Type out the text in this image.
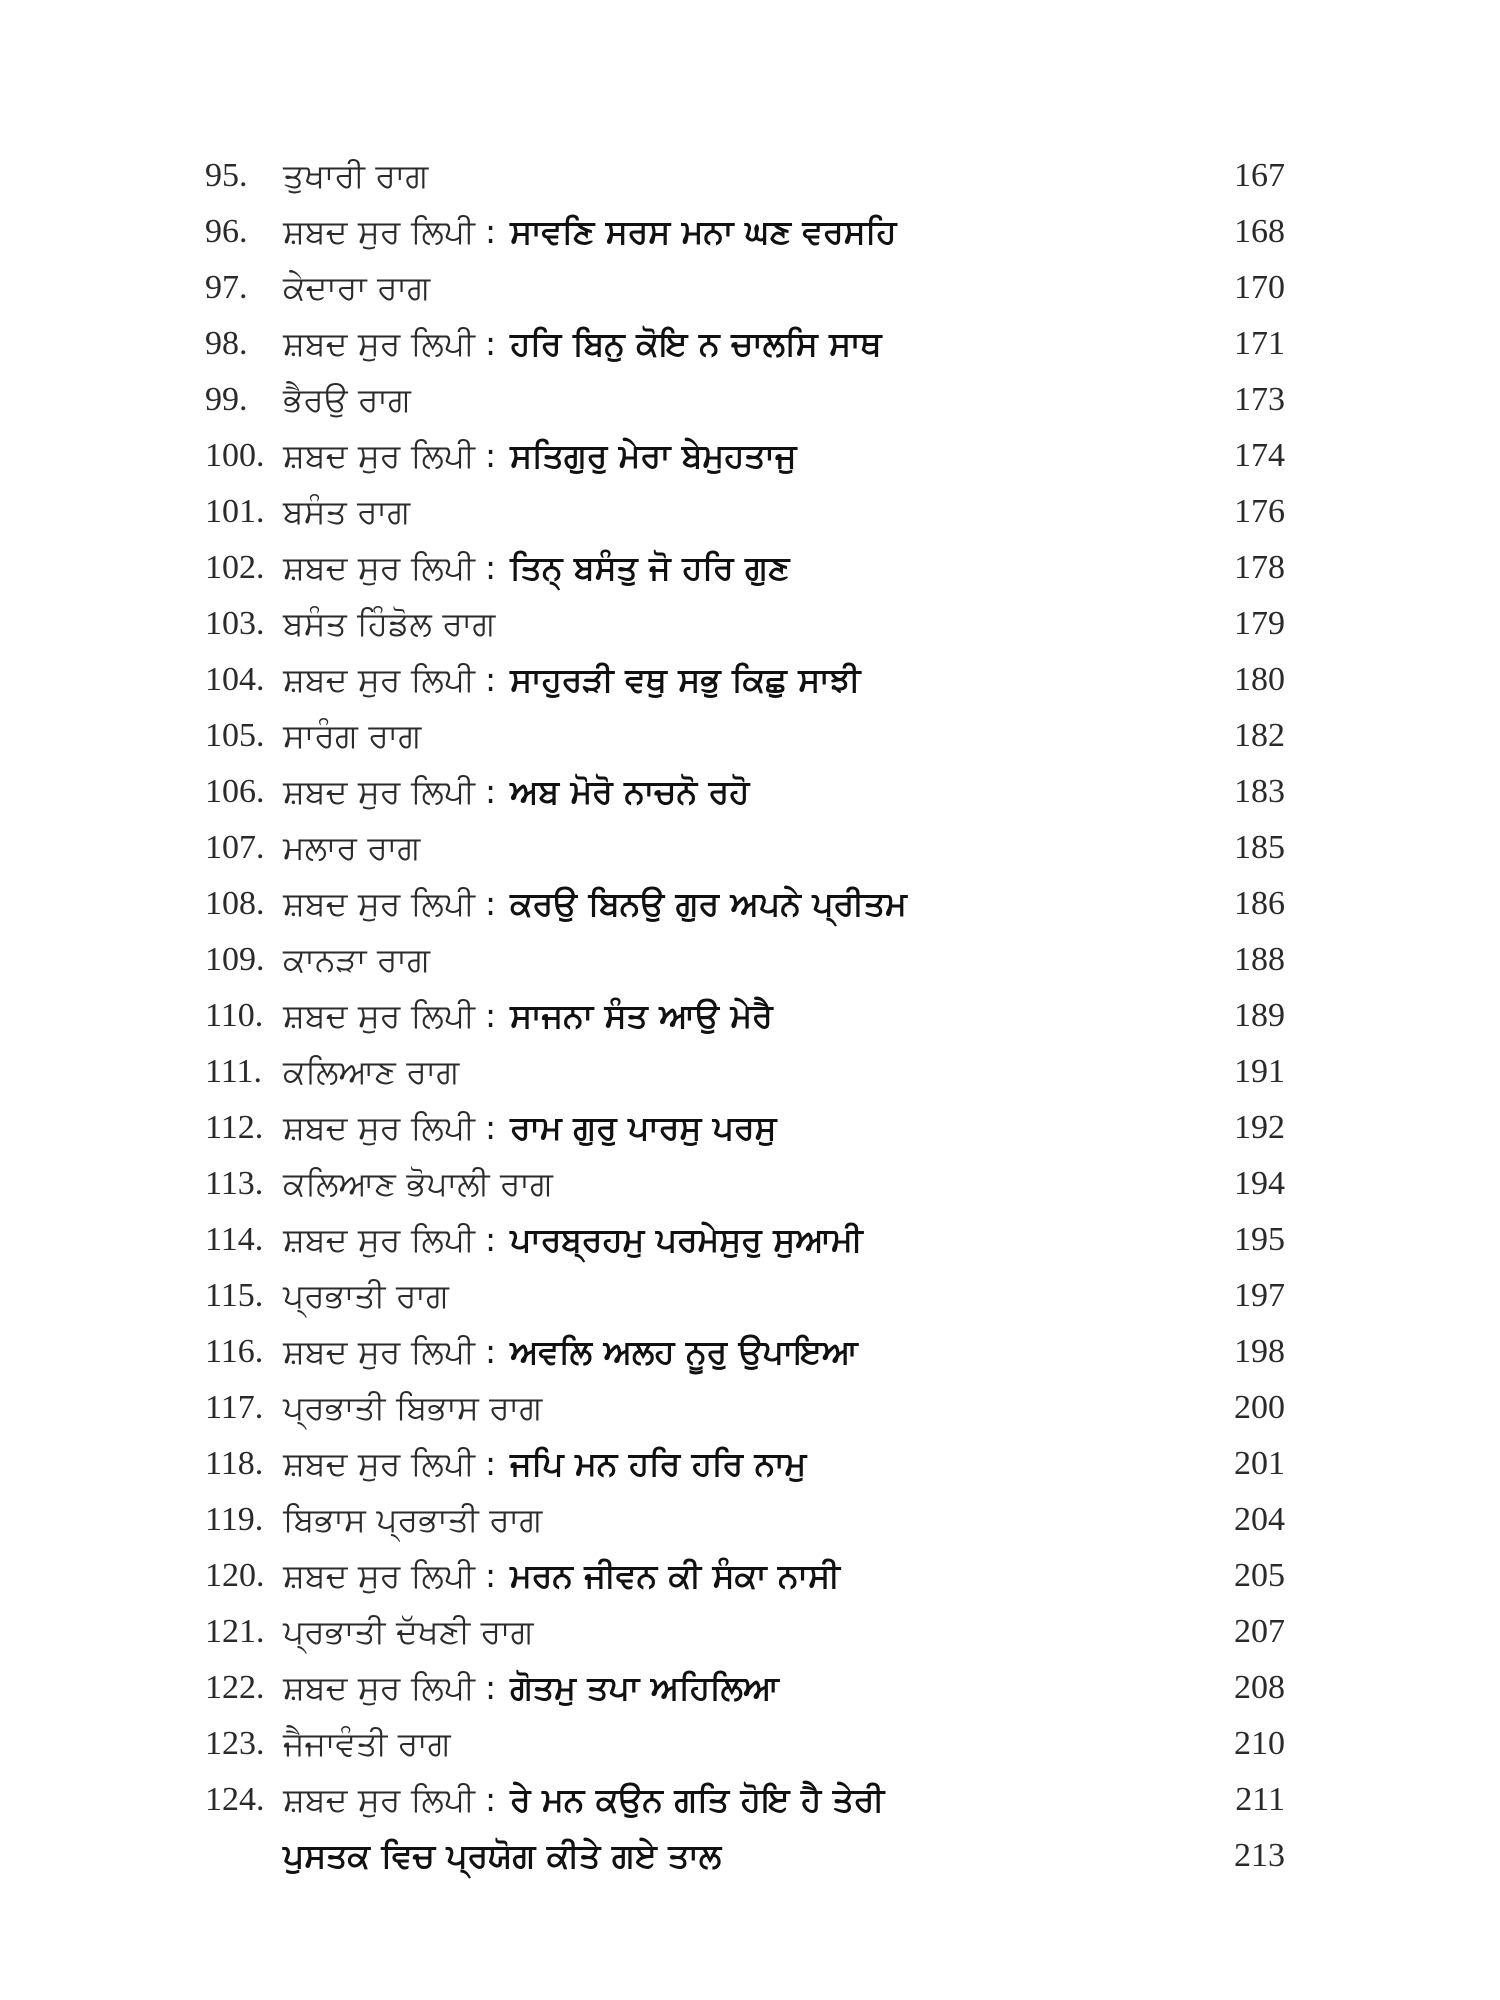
95. ਤੁਖਾਰੀ ਰਾਗ	167
96. ਸ਼ਬਦ ਸੁਰ ਲਿਪੀ : ਸਾਵਣਿ ਸਰਸ ਮਨਾ ਘਣ ਵਰਸਹਿ	168
97. ਕੇਦਾਰਾ ਰਾਗ	170
98. ਸ਼ਬਦ ਸੁਰ ਲਿਪੀ : ਹਰਿ ਬਿਨੁ ਕੋਇ ਨ ਚਾਲਸਿ ਸਾਥ	171
99. ਭੈਰਉ ਰਾਗ	173
100. ਸ਼ਬਦ ਸੁਰ ਲਿਪੀ : ਸਤਿਗੁਰੁ ਮੇਰਾ ਬੇਮੁਹਤਾਜੁ	174
101. ਬਸੰਤ ਰਾਗ	176
102. ਸ਼ਬਦ ਸੁਰ ਲਿਪੀ : ਤਿਨ੍ ਬਸੰਤੁ ਜੋ ਹਰਿ ਗੁਣ	178
103. ਬਸੰਤ ਹਿੰਡੋਲ ਰਾਗ	179
104. ਸ਼ਬਦ ਸੁਰ ਲਿਪੀ : ਸਾਹੁਰੜੀ ਵਥੁ ਸਭੁ ਕਿਛੁ ਸਾਝੀ	180
105. ਸਾਰੰਗ ਰਾਗ	182
106. ਸ਼ਬਦ ਸੁਰ ਲਿਪੀ : ਅਬ ਮੋਰੋ ਨਾਚਨੋ ਰਹੋ	183
107. ਮਲਾਰ ਰਾਗ	185
108. ਸ਼ਬਦ ਸੁਰ ਲਿਪੀ : ਕਰਉ ਬਿਨਉ ਗੁਰ ਅਪਨੇ ਪ੍ਰੀਤਮ	186
109. ਕਾਨੜਾ ਰਾਗ	188
110. ਸ਼ਬਦ ਸੁਰ ਲਿਪੀ : ਸਾਜਨਾ ਸੰਤ ਆਉ ਮੇਰੈ	189
111. ਕਲਿਆਣ ਰਾਗ	191
112. ਸ਼ਬਦ ਸੁਰ ਲਿਪੀ : ਰਾਮ ਗੁਰੁ ਪਾਰਸੁ ਪਰਸੁ	192
113. ਕਲਿਆਣ ਭੋਪਾਲੀ ਰਾਗ	194
114. ਸ਼ਬਦ ਸੁਰ ਲਿਪੀ : ਪਾਰਬ੍ਰਹਮੁ ਪਰਮੇਸੁਰੁ ਸੁਆਮੀ	195
115. ਪ੍ਰਭਾਤੀ ਰਾਗ	197
116. ਸ਼ਬਦ ਸੁਰ ਲਿਪੀ : ਅਵਲਿ ਅਲਹ ਨੂਰੁ ਉਪਾਇਆ	198
117. ਪ੍ਰਭਾਤੀ ਬਿਭਾਸ ਰਾਗ	200
118. ਸ਼ਬਦ ਸੁਰ ਲਿਪੀ : ਜਪਿ ਮਨ ਹਰਿ ਹਰਿ ਨਾਮੁ	201
119. ਬਿਭਾਸ ਪ੍ਰਭਾਤੀ ਰਾਗ	204
120. ਸ਼ਬਦ ਸੁਰ ਲਿਪੀ : ਮਰਨ ਜੀਵਨ ਕੀ ਸੰਕਾ ਨਾਸੀ	205
121. ਪ੍ਰਭਾਤੀ ਦੱਖਣੀ ਰਾਗ	207
122. ਸ਼ਬਦ ਸੁਰ ਲਿਪੀ : ਗੋਤਮੁ ਤਪਾ ਅਹਿਲਿਆ	208
123. ਜੈਜਾਵੰਤੀ ਰਾਗ	210
124. ਸ਼ਬਦ ਸੁਰ ਲਿਪੀ : ਰੇ ਮਨ ਕਉਨ ਗਤਿ ਹੋਇ ਹੈ ਤੇਰੀ	211
ਪੁਸਤਕ ਵਿਚ ਪ੍ਰਯੋਗ ਕੀਤੇ ਗਏ ਤਾਲ	213
